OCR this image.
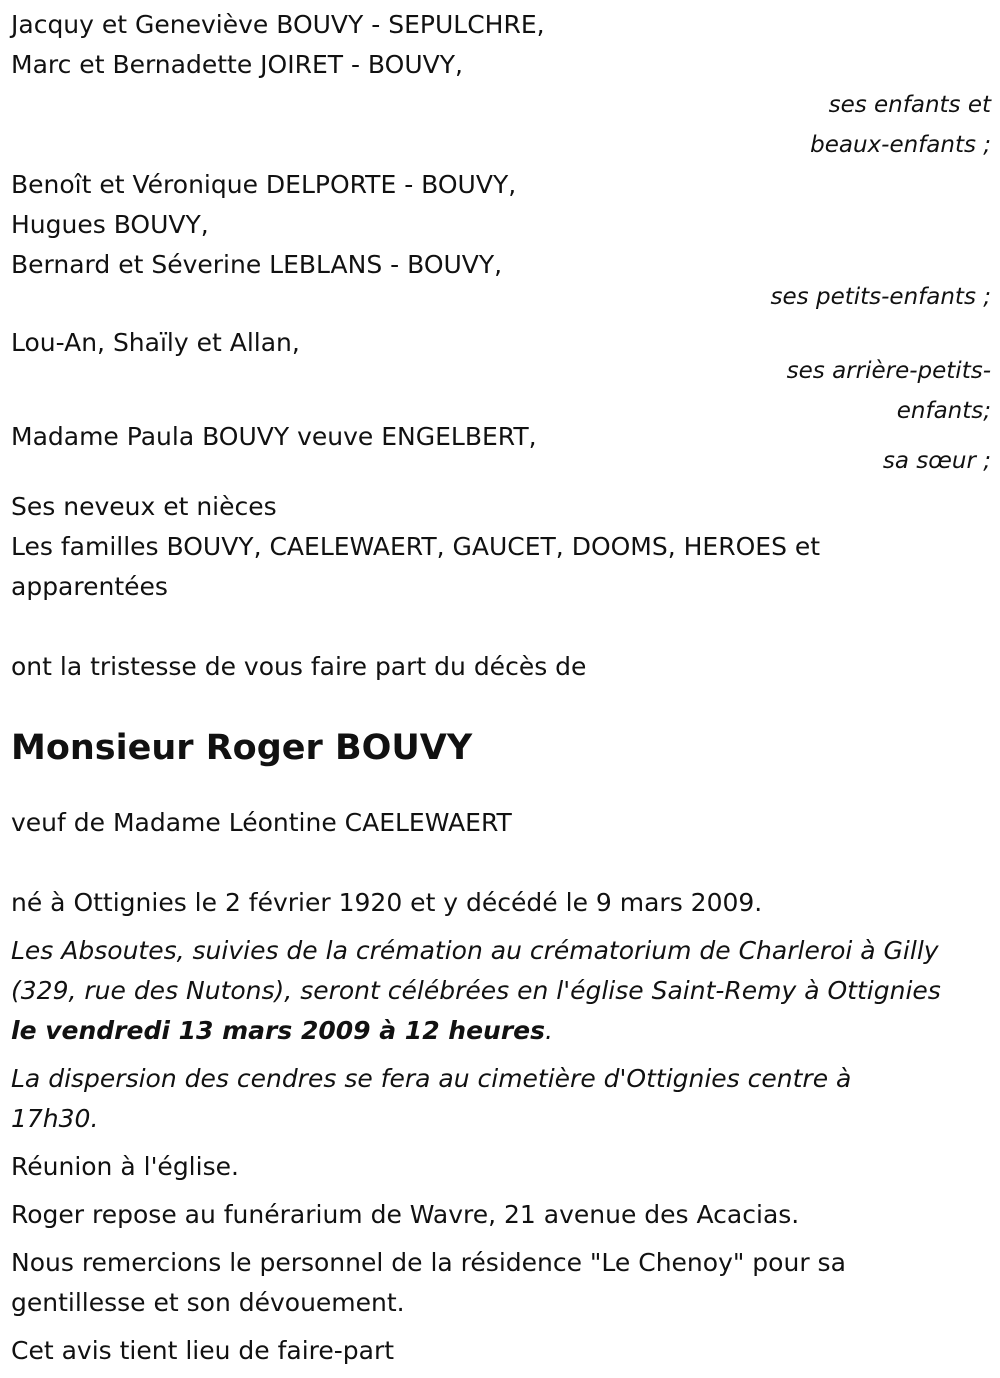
Jacquy et Geneviève BOUVY - SEPULCHRE,
Marc et Bernadette JOIRET - BOUVY,
ses enfants et
beaux-enfants ;
Benoît et Véronique DELPORTE - BOUVY,
Hugues BOUVY,
Bernard et Séverine LEBLANS - BOUVY,
ses petits-enfants ;
Lou-An, Shaïly et Allan,
ses arrière-petits-
enfants;
Madame Paula BOUVY veuve ENGELBERT,
sa sœur ;
Ses neveux et nièces
Les familles BOUVY, CAELEWAERT, GAUCET, DOOMS, HEROES et
apparentées
ont la tristesse de vous faire part du décès de
Monsieur Roger BOUVY
veuf de Madame Léontine CAELEWAERT

né à Ottignies le 2 février 1920 et y décédé le 9 mars 2009.

Les Absoutes, suivies de la crémation au crématorium de Charleroi à Gilly (329, rue des Nutons), seront célébrées en l'église Saint-Remy à Ottignies le vendredi 13 mars 2009 à 12 heures.

La dispersion des cendres se fera au cimetière d'Ottignies centre à 17h30.

Réunion à l'église.

Roger repose au funérarium de Wavre, 21 avenue des Acacias.

Nous remercions le personnel de la résidence "Le Chenoy" pour sa gentillesse et son dévouement.

Cet avis tient lieu de faire-part
